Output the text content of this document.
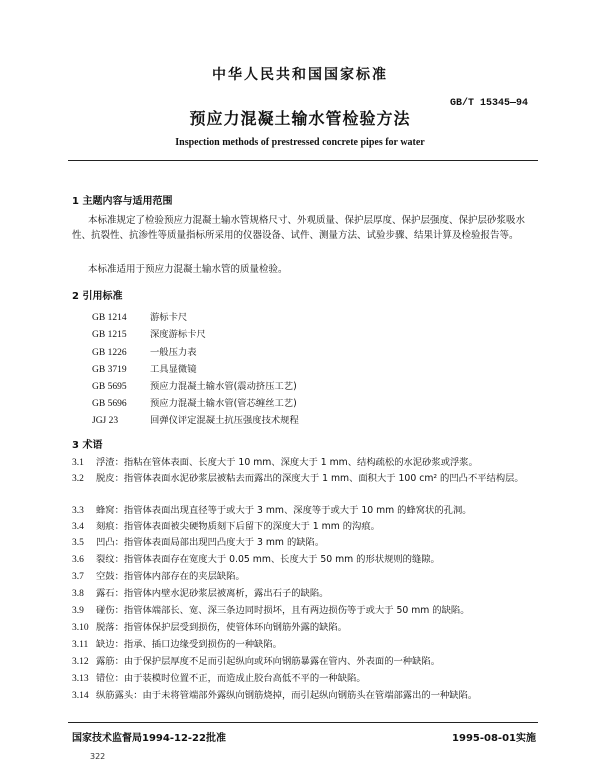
中华人民共和国国家标准
GB/T 15345—94
预应力混凝土输水管检验方法
Inspection methods of prestressed concrete pipes for water
1 主题内容与适用范围
本标准规定了检验预应力混凝土输水管规格尺寸、外观质量、保护层厚度、保护层强度、保护层砂浆吸水性、抗裂性、抗渗性等质量指标所采用的仪器设备、试件、测量方法、试验步骤、结果计算及检验报告等。
本标准适用于预应力混凝土输水管的质量检验。
2 引用标准
GB 1214	游标卡尺
GB 1215	深度游标卡尺
GB 1226	一般压力表
GB 3719	工具显微镜
GB 5695	预应力混凝土输水管(震动挤压工艺)
GB 5696	预应力混凝土输水管(管芯缠丝工艺)
JGJ 23	回弹仪评定混凝土抗压强度技术规程
3 术语
3.1 浮渣：指粘在管体表面、长度大于 10 mm、深度大于 1 mm、结构疏松的水泥砂浆或浮浆。
3.2 脱皮：指管体表面水泥砂浆层被粘去而露出的深度大于 1 mm、面积大于 100 cm² 的凹凸不平结构层。
3.3 蜂窝：指管体表面出现直径等于或大于 3 mm、深度等于或大于 10 mm 的蜂窝状的孔洞。
3.4 刻痕：指管体表面被尖硬物质刻下后留下的深度大于 1 mm 的沟痕。
3.5 凹凸：指管体表面局部出现凹凸度大于 3 mm 的缺陷。
3.6 裂纹：指管体表面存在宽度大于 0.05 mm、长度大于 50 mm 的形状规则的缝隙。
3.7 空鼓：指管体内部存在的夹层缺陷。
3.8 露石：指管体内壁水泥砂浆层被离析，露出石子的缺陷。
3.9 碰伤：指管体端部长、宽、深三条边同时损坏，且有两边损伤等于或大于 50 mm 的缺陷。
3.10 脱落：指管体保护层受到损伤，使管体环向钢筋外露的缺陷。
3.11 缺边：指承、插口边缘受到损伤的一种缺陷。
3.12 露筋：由于保护层厚度不足而引起纵向或环向钢筋暴露在管内、外表面的一种缺陷。
3.13 错位：由于装模时位置不正，而造成止胶台高低不平的一种缺陷。
3.14 纵筋露头：由于未将管端部外露纵向钢筋烧掉，而引起纵向钢筋头在管端部露出的一种缺陷。
国家技术监督局1994-12-22批准	1995-08-01实施
322
